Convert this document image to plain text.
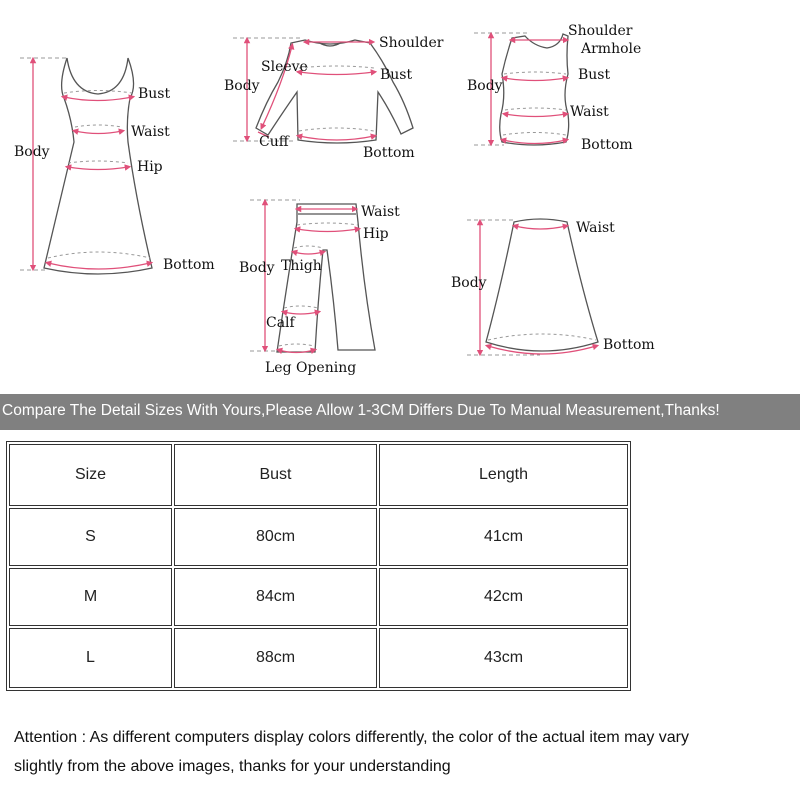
Bust
Waist
Body
Hip
Bottom
Shoulder
Sleeve	Bust
Body
Cuff
Bottom
Shoulder
Armhole
Bust
Body
Waist
Bottom
Waist
Hip
Body Thigh
Calf
Leg Opening
Waist
Body
Bottom
Compare The Detail Sizes With Yours,Please Allow 1-3CM Differs Due To Manual Measurement,Thanks!
Size	Bust	Length
S	80cm	41cm
M	84cm	42cm
L	88cm	43cm
Attention : As different computers display colors differently, the color of the actual item may vary
slightly from the above images, thanks for your understanding
